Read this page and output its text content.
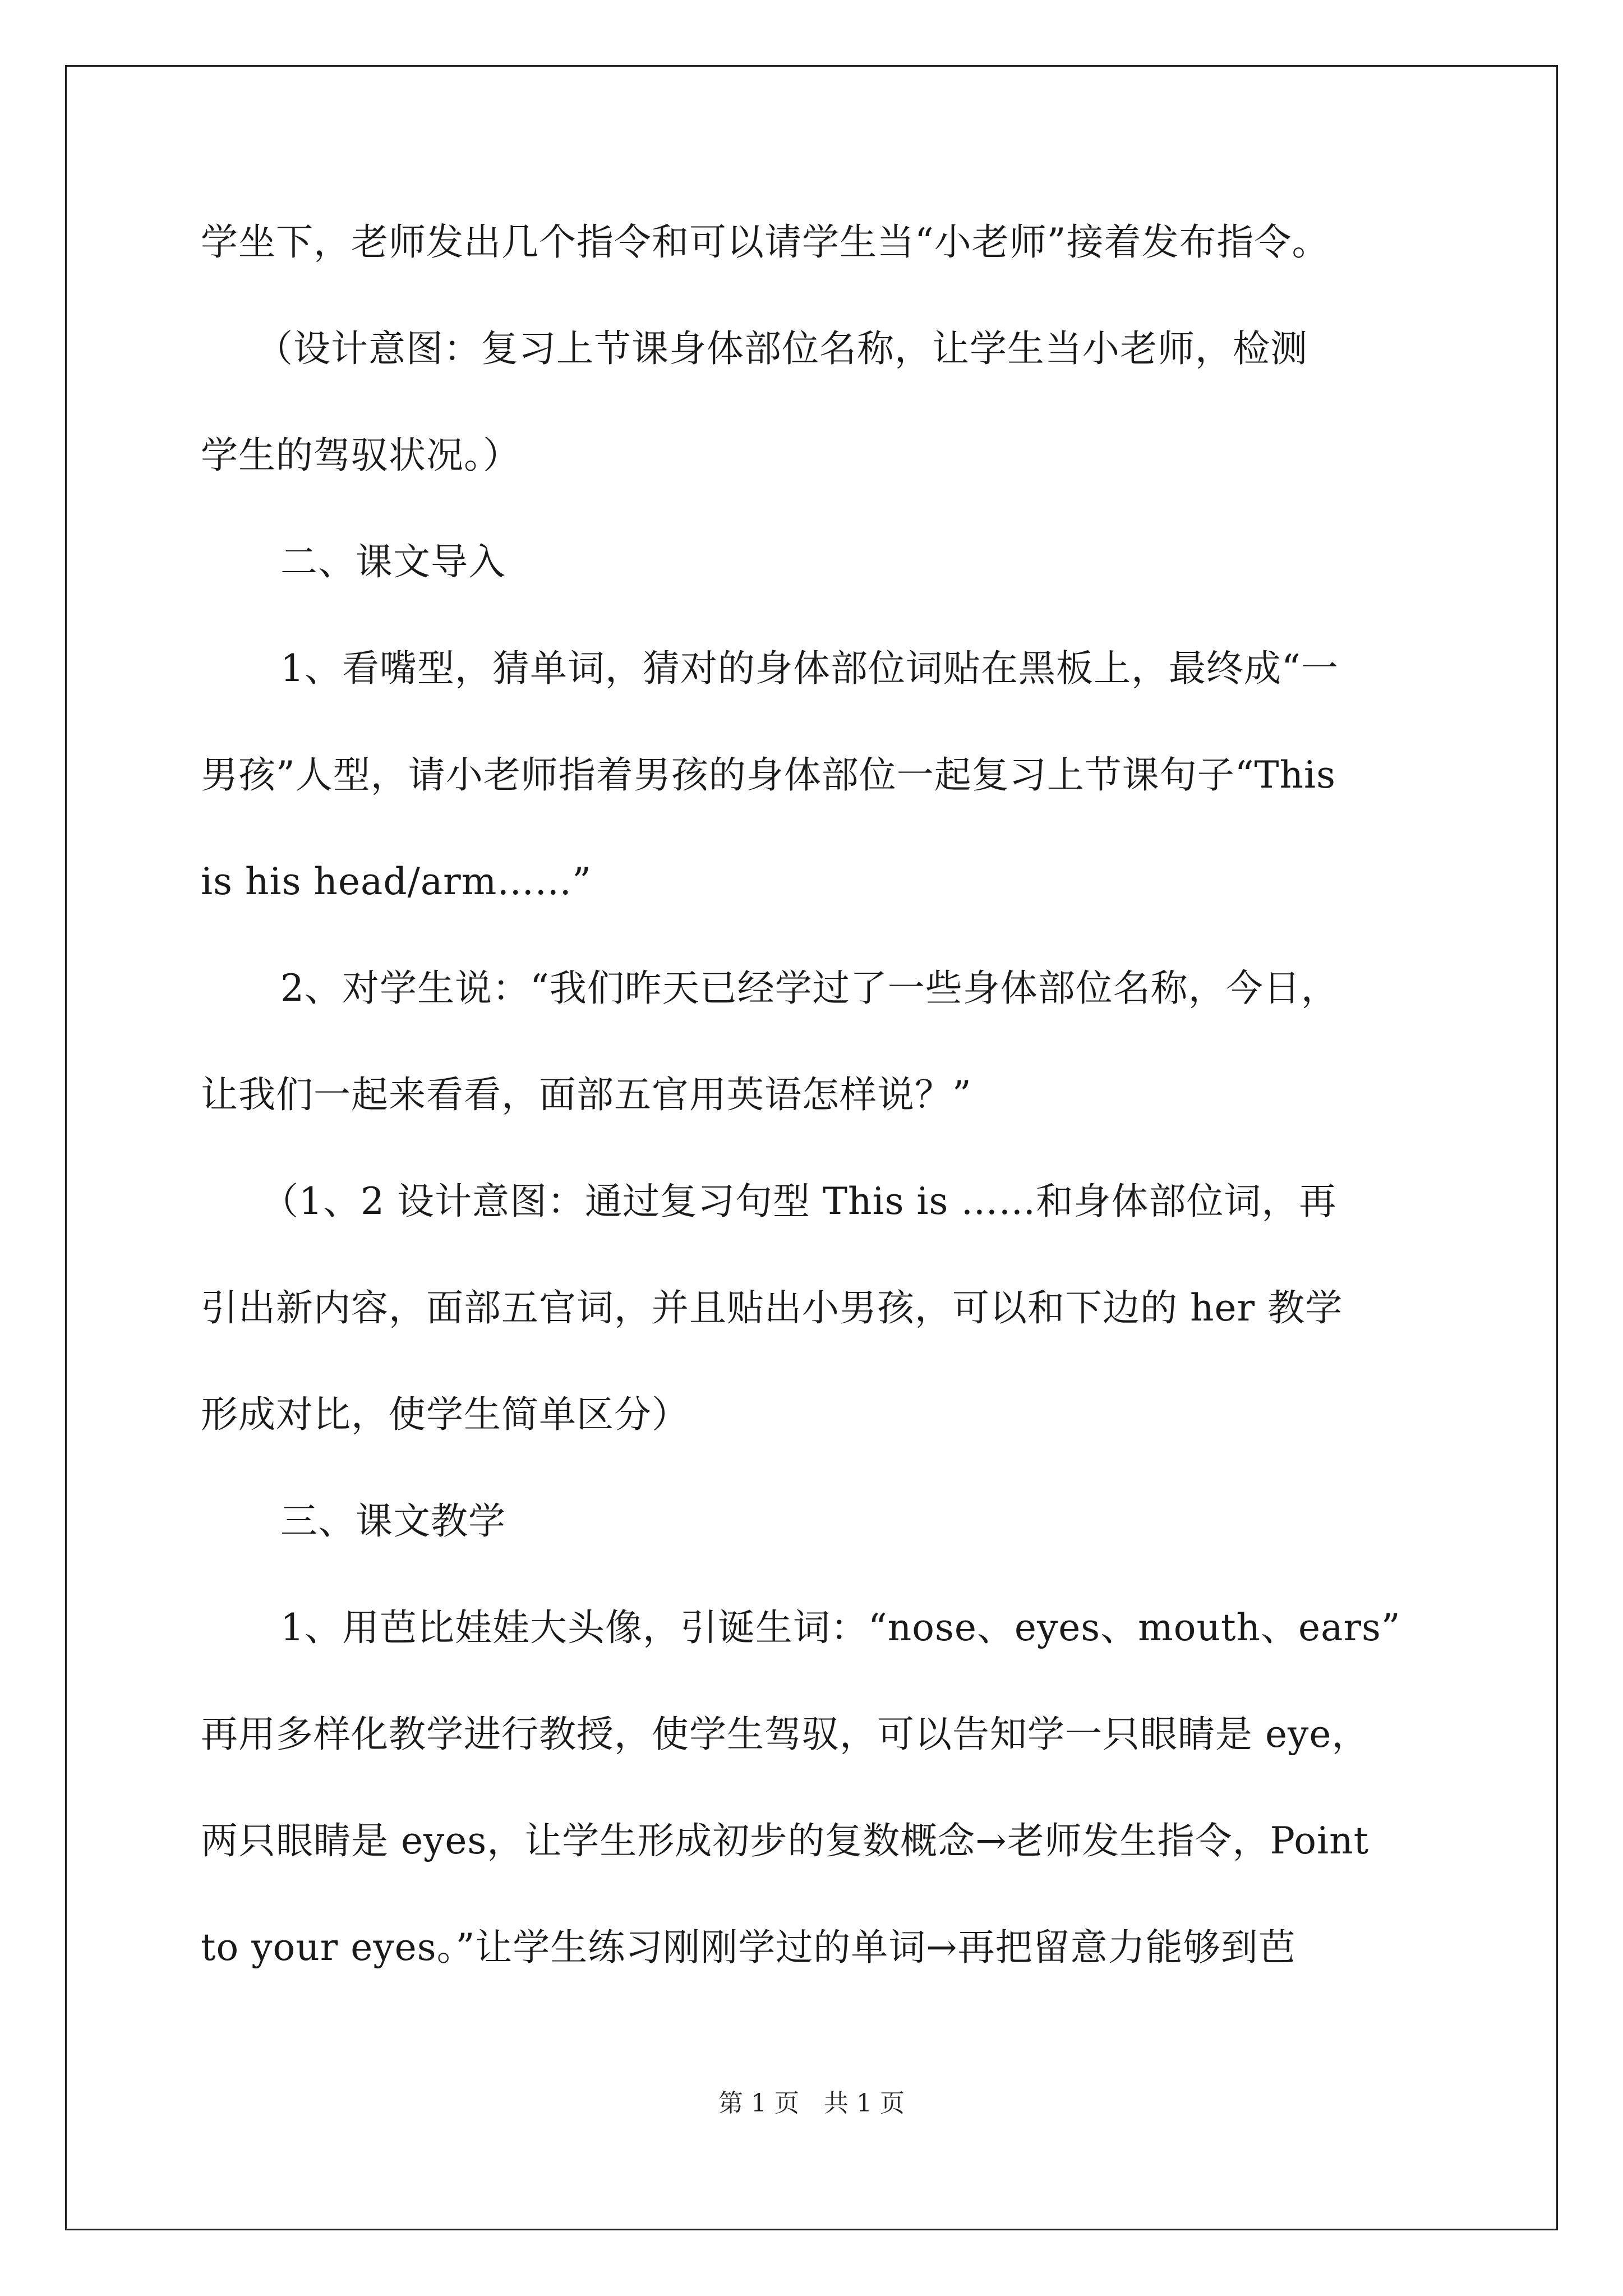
学坐下，老师发出几个指令和可以请学生当“小老师”接着发布指令。
（设计意图：复习上节课身体部位名称，让学生当小老师，检测
学生的驾驭状况。）
二、课文导入
1、看嘴型，猜单词，猜对的身体部位词贴在黑板上，最终成“一
男孩”人型，请小老师指着男孩的身体部位一起复习上节课句子“This
is his head/arm……”
2、对学生说：“我们昨天已经学过了一些身体部位名称，今日，
让我们一起来看看，面部五官用英语怎样说？”
（1、2 设计意图：通过复习句型 This is ……和身体部位词，再
引出新内容，面部五官词，并且贴出小男孩，可以和下边的 her 教学
形成对比，使学生简单区分）
三、课文教学
1、用芭比娃娃大头像，引诞生词：“nose、eyes、mouth、ears”
再用多样化教学进行教授，使学生驾驭，可以告知学一只眼睛是 eye，
两只眼睛是 eyes，让学生形成初步的复数概念→老师发生指令，Point
to your eyes。”让学生练习刚刚学过的单词→再把留意力能够到芭
第 1 页　共 1 页
